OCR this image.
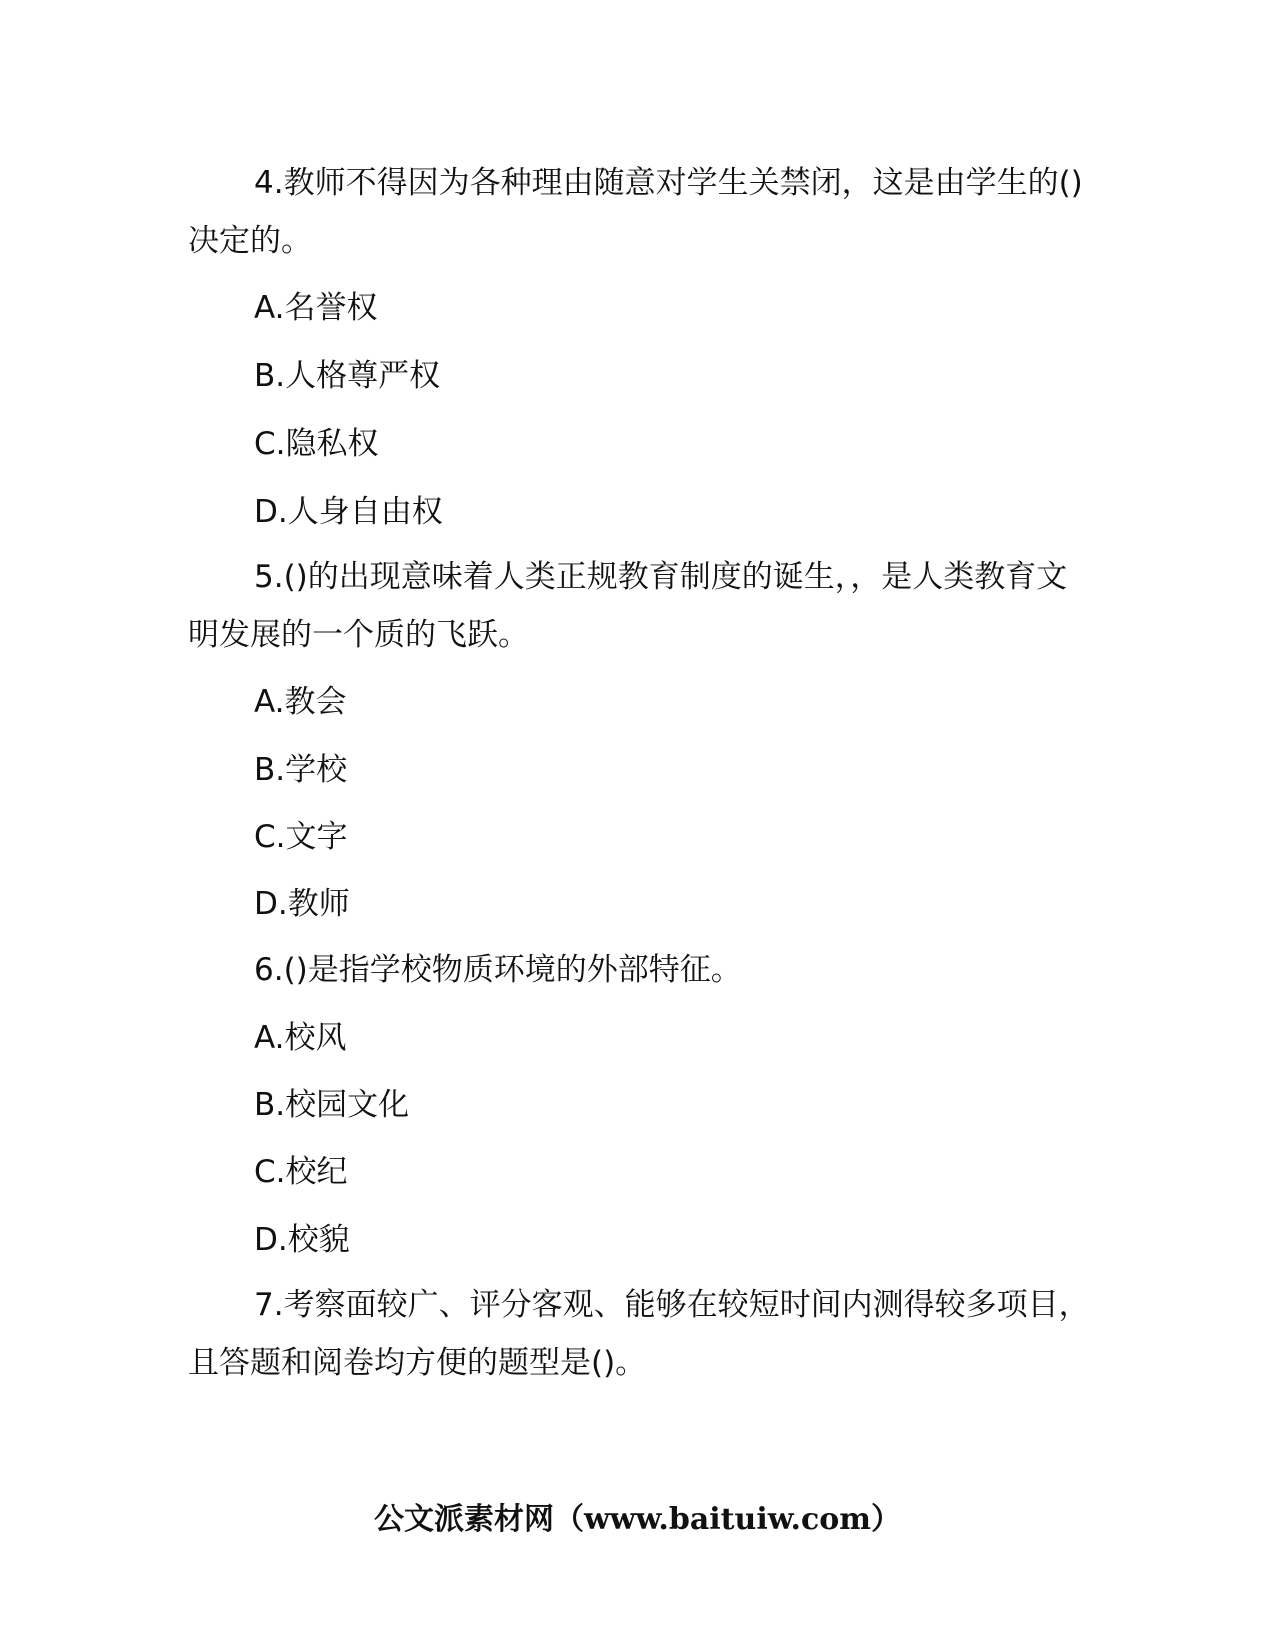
4.教师不得因为各种理由随意对学生关禁闭，这是由学生的()决定的。

A.名誉权

B.人格尊严权

C.隐私权

D.人身自由权

5.()的出现意味着人类正规教育制度的诞生，，是人类教育文明发展的一个质的飞跃。

A.教会

B.学校

C.文字

D.教师

6.()是指学校物质环境的外部特征。

A.校风

B.校园文化

C.校纪

D.校貌

7.考察面较广、评分客观、能够在较短时间内测得较多项目，且答题和阅卷均方便的题型是()。

公文派素材网（www.baituiw.com）
